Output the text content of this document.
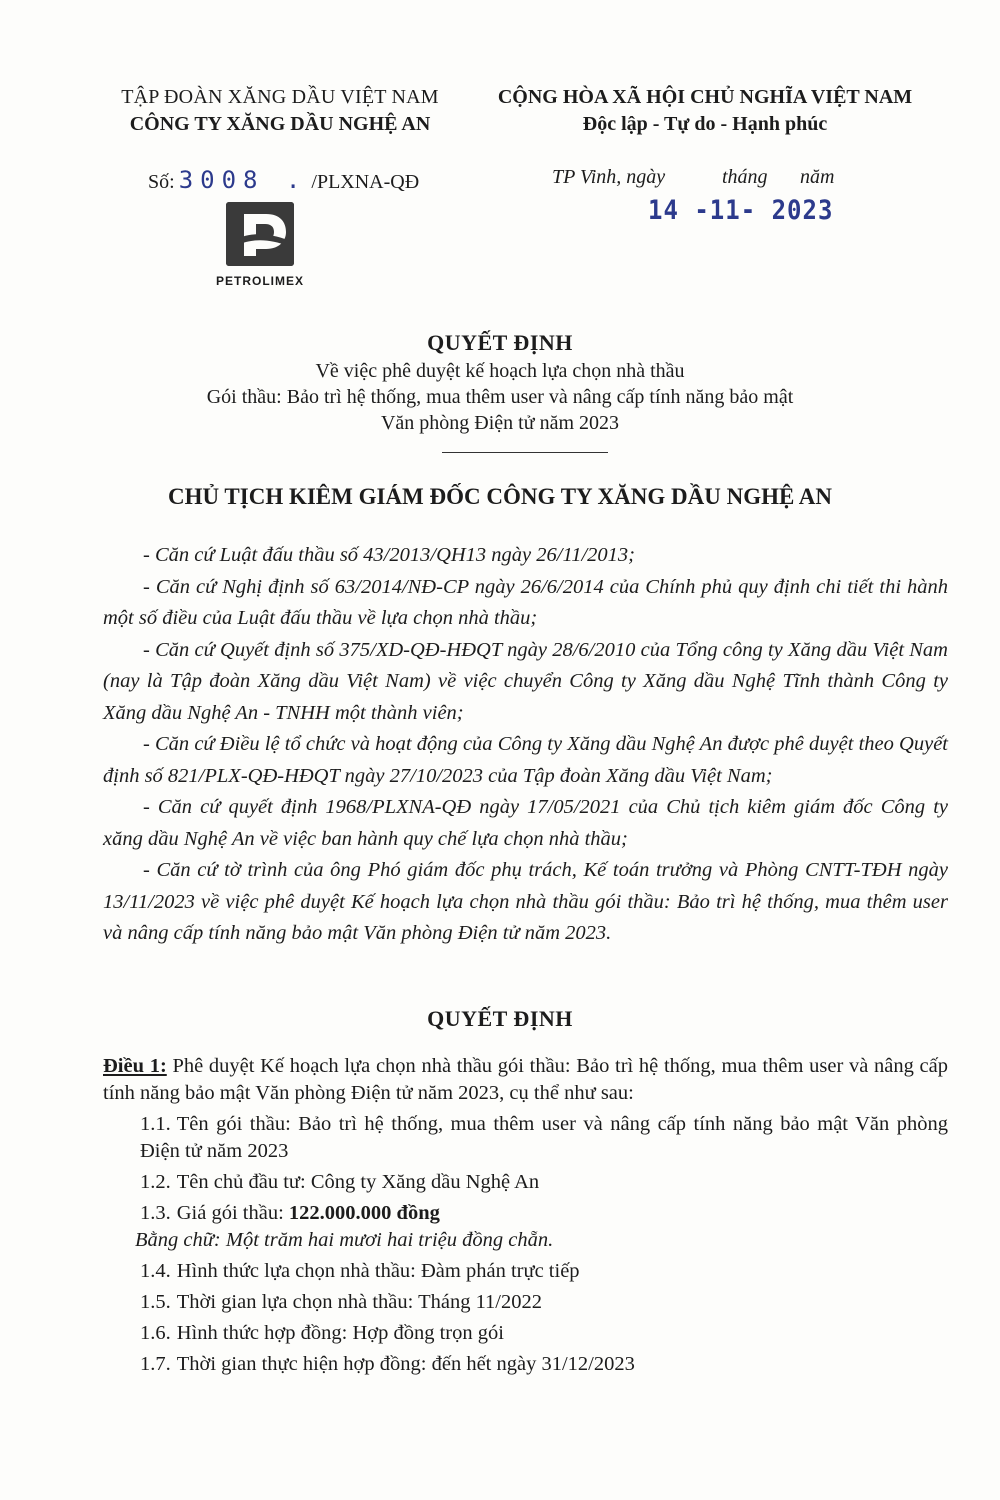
TẬP ĐOÀN XĂNG DẦU VIỆT NAM
CÔNG TY XĂNG DẦU NGHỆ AN
CỘNG HÒA XÃ HỘI CHỦ NGHĨA VIỆT NAM
Độc lập - Tự do - Hạnh phúc
Số: 3008 . /PLXNA-QĐ	TP Vinh, ngày	tháng năm
14 -11- 2023
PETROLIMEX
QUYẾT ĐỊNH
Về việc phê duyệt kế hoạch lựa chọn nhà thầu
Gói thầu: Bảo trì hệ thống, mua thêm user và nâng cấp tính năng bảo mật
Văn phòng Điện tử năm 2023
CHỦ TỊCH KIÊM GIÁM ĐỐC CÔNG TY XĂNG DẦU NGHỆ AN

- Căn cứ Luật đấu thầu số 43/2013/QH13 ngày 26/11/2013;

- Căn cứ Nghị định số 63/2014/NĐ-CP ngày 26/6/2014 của Chính phủ quy định chi tiết thi hành một số điều của Luật đấu thầu về lựa chọn nhà thầu;

- Căn cứ Quyết định số 375/XD-QĐ-HĐQT ngày 28/6/2010 của Tổng công ty Xăng dầu Việt Nam (nay là Tập đoàn Xăng dầu Việt Nam) về việc chuyển Công ty Xăng dầu Nghệ Tĩnh thành Công ty Xăng dầu Nghệ An - TNHH một thành viên;

- Căn cứ Điều lệ tổ chức và hoạt động của Công ty Xăng dầu Nghệ An được phê duyệt theo Quyết định số 821/PLX-QĐ-HĐQT ngày 27/10/2023 của Tập đoàn Xăng dầu Việt Nam;

- Căn cứ quyết định 1968/PLXNA-QĐ ngày 17/05/2021 của Chủ tịch kiêm giám đốc Công ty xăng dầu Nghệ An về việc ban hành quy chế lựa chọn nhà thầu;

- Căn cứ tờ trình của ông Phó giám đốc phụ trách, Kế toán trưởng và Phòng CNTT-TĐH ngày 13/11/2023 về việc phê duyệt Kế hoạch lựa chọn nhà thầu gói thầu: Bảo trì hệ thống, mua thêm user và nâng cấp tính năng bảo mật Văn phòng Điện tử năm 2023.

QUYẾT ĐỊNH

Điều 1: Phê duyệt Kế hoạch lựa chọn nhà thầu gói thầu: Bảo trì hệ thống, mua thêm user và nâng cấp tính năng bảo mật Văn phòng Điện tử năm 2023, cụ thể như sau:

1.1. Tên gói thầu: Bảo trì hệ thống, mua thêm user và nâng cấp tính năng bảo mật Văn phòng Điện tử năm 2023

1.2. Tên chủ đầu tư: Công ty Xăng dầu Nghệ An

1.3. Giá gói thầu: 122.000.000 đồng

Bằng chữ: Một trăm hai mươi hai triệu đồng chẵn.

1.4. Hình thức lựa chọn nhà thầu: Đàm phán trực tiếp

1.5. Thời gian lựa chọn nhà thầu: Tháng 11/2022

1.6. Hình thức hợp đồng: Hợp đồng trọn gói

1.7. Thời gian thực hiện hợp đồng: đến hết ngày 31/12/2023
